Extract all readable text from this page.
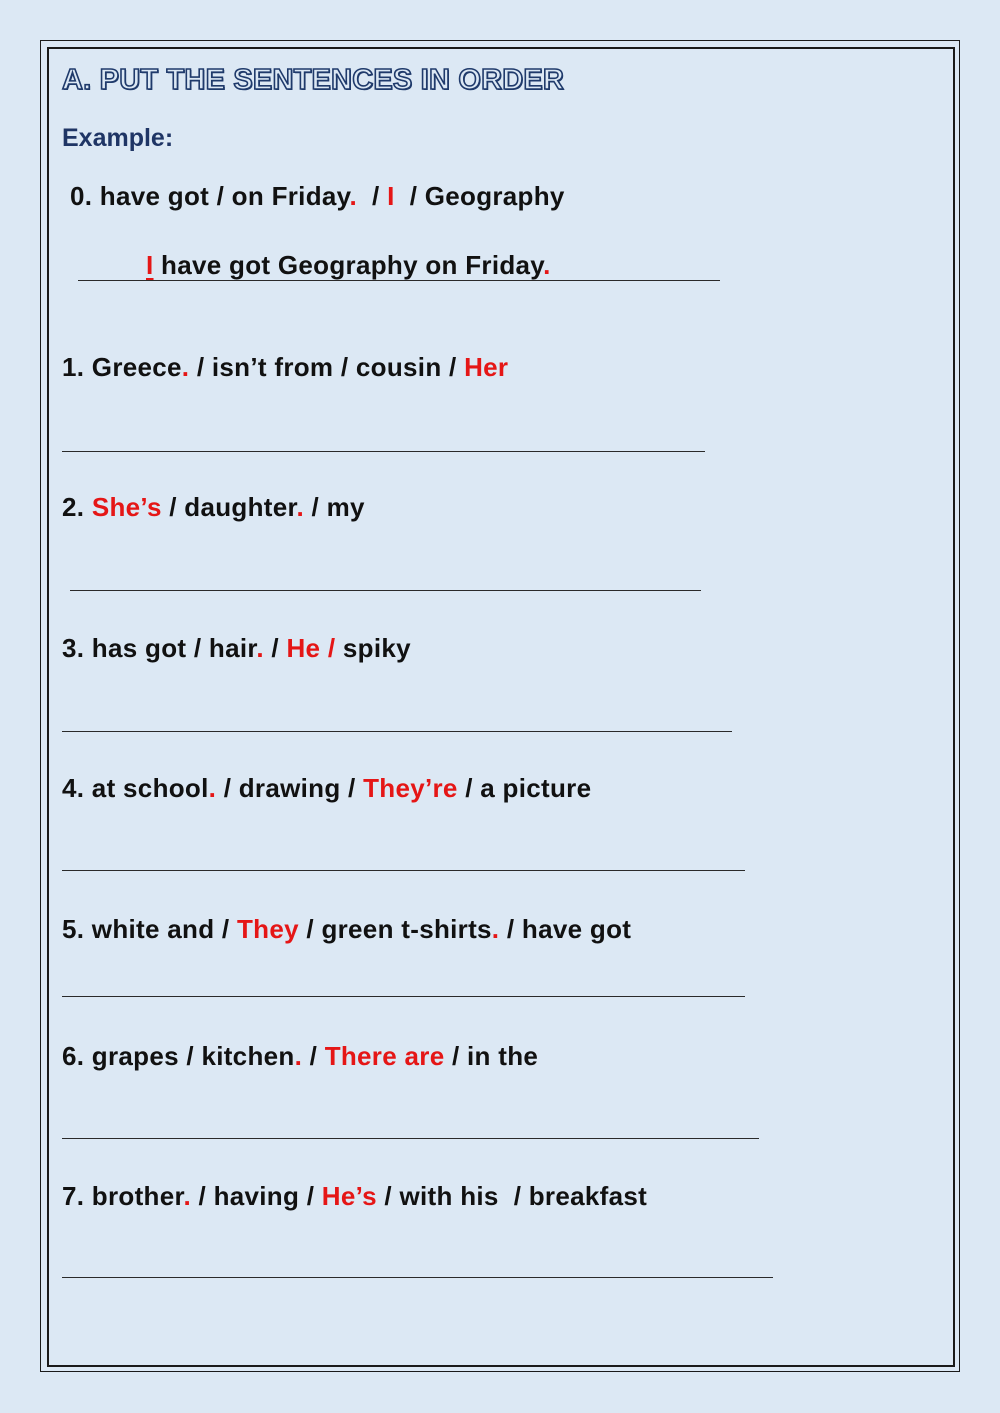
A. PUT THE SENTENCES IN ORDER
Example:
0. have got / on Friday.  / I  / Geography
I have got Geography on Friday.
1. Greece. / isn’t from / cousin / Her
2. She’s / daughter. / my
3. has got / hair. / He / spiky
4. at school. / drawing / They’re / a picture
5. white and / They / green t-shirts. / have got
6. grapes / kitchen. / There are / in the
7. brother. / having / He’s / with his  / breakfast
